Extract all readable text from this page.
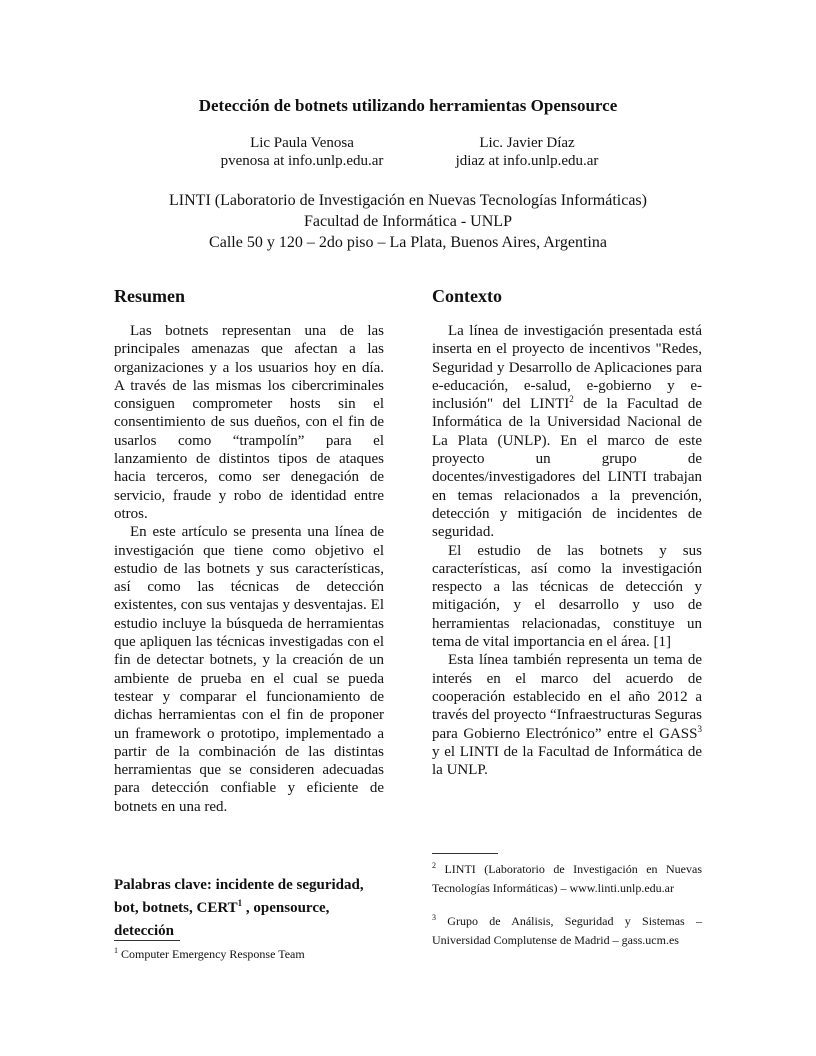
Detección de botnets utilizando herramientas Opensource
Lic Paula Venosa
pvenosa at info.unlp.edu.ar
Lic. Javier Díaz
jdiaz at info.unlp.edu.ar
LINTI (Laboratorio de Investigación en Nuevas Tecnologías Informáticas)
Facultad de Informática - UNLP
Calle 50 y 120 – 2do piso – La Plata, Buenos Aires, Argentina
Resumen

Las botnets representan una de las principales amenazas que afectan a las organizaciones y a los usuarios hoy en día. A través de las mismas los cibercriminales consiguen comprometer hosts sin el consentimiento de sus dueños, con el fin de usarlos como “trampolín” para el lanzamiento de distintos tipos de ataques hacia terceros, como ser denegación de servicio, fraude y robo de identidad entre otros.

En este artículo se presenta una línea de investigación que tiene como objetivo el estudio de las botnets y sus características, así como las técnicas de detección existentes, con sus ventajas y desventajas. El estudio incluye la búsqueda de herramientas que apliquen las técnicas investigadas con el fin de detectar botnets, y la creación de un ambiente de prueba en el cual se pueda testear y comparar el funcionamiento de dichas herramientas con el fin de proponer un framework o prototipo, implementado a partir de la combinación de las distintas herramientas que se consideren adecuadas para detección confiable y eficiente de botnets en una red.

Palabras clave: incidente de seguridad, bot, botnets, CERT$^1$ , opensource, detección
Contexto

La línea de investigación presentada está inserta en el proyecto de incentivos "Redes, Seguridad y Desarrollo de Aplicaciones para e-educación, e-salud, e-gobierno y e-inclusión" del LINTI$^2$ de la Facultad de Informática de la Universidad Nacional de La Plata (UNLP). En el marco de este proyecto un grupo de docentes/investigadores del LINTI trabajan en temas relacionados a la prevención, detección y mitigación de incidentes de seguridad.

El estudio de las botnets y sus características, así como la investigación respecto a las técnicas de detección y mitigación, y el desarrollo y uso de herramientas relacionadas, constituye un tema de vital importancia en el área. [1]

Esta línea también representa un tema de interés en el marco del acuerdo de cooperación establecido en el año 2012 a través del proyecto “Infraestructuras Seguras para Gobierno Electrónico” entre el GASS$^3$ y el LINTI de la Facultad de Informática de la UNLP.

$^1$ Computer Emergency Response Team
$^2$ LINTI (Laboratorio de Investigación en Nuevas Tecnologías Informáticas) – www.linti.unlp.edu.ar
$^3$ Grupo de Análisis, Seguridad y Sistemas – Universidad Complutense de Madrid – gass.ucm.es
